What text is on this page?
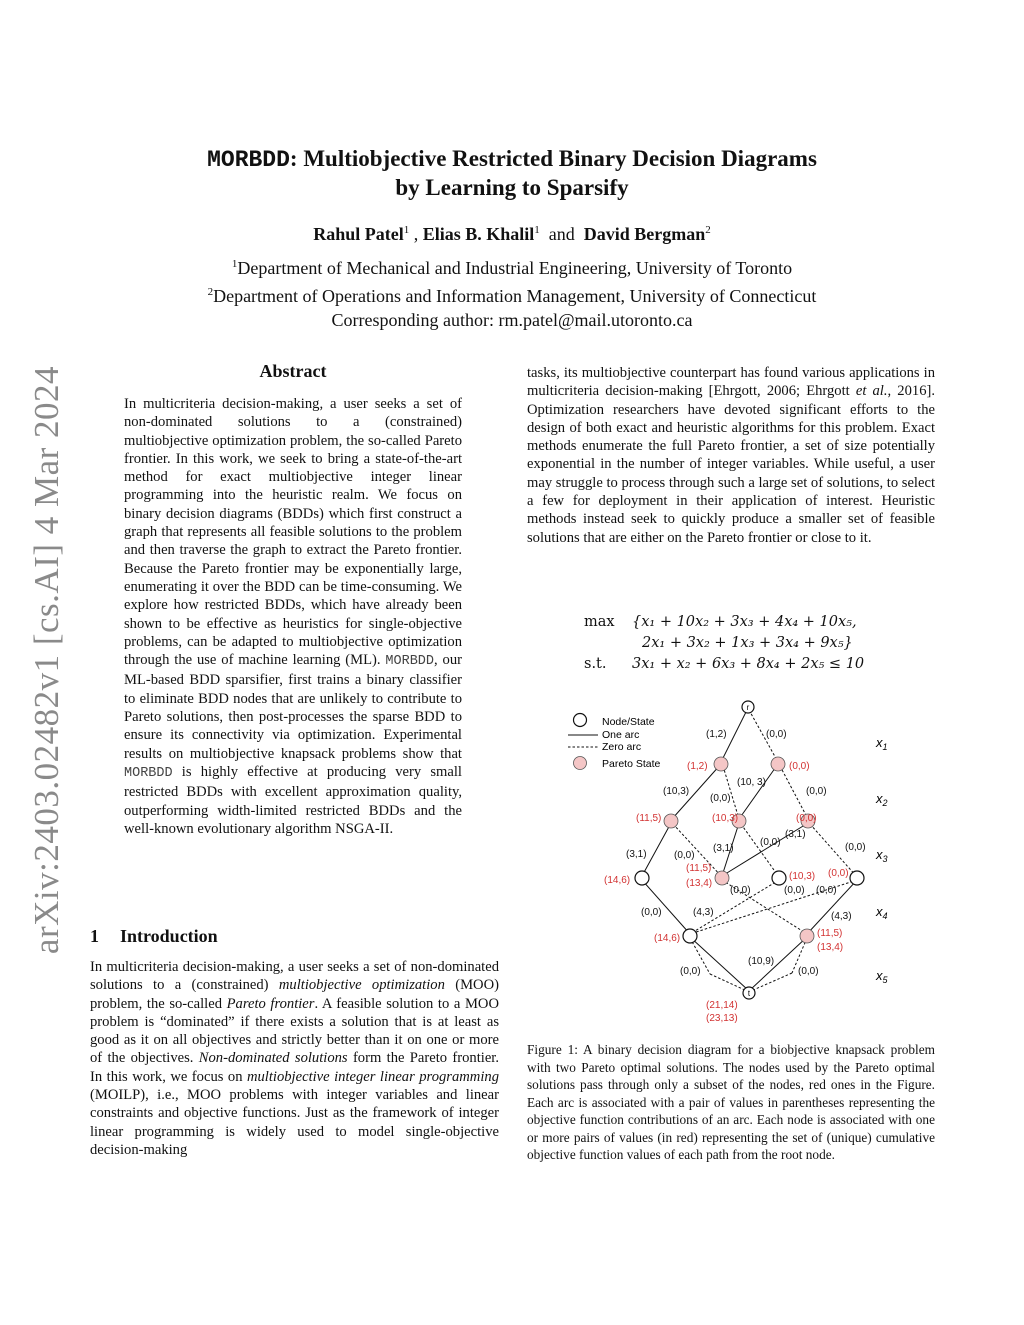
arXiv:2403.02482v1 [cs.AI] 4 Mar 2024
MORBDD: Multiobjective Restricted Binary Decision Diagrams
by Learning to Sparsify
Rahul Patel$^1$ , Elias B. Khalil$^1$  and  David Bergman$^2$
$^1$Department of Mechanical and Industrial Engineering, University of Toronto
$^2$Department of Operations and Information Management, University of Connecticut
Corresponding author: rm.patel@mail.utoronto.ca
Abstract

In multicriteria decision-making, a user seeks a set of non-dominated solutions to a (constrained) multiobjective optimization problem, the so-called Pareto frontier. In this work, we seek to bring a state-of-the-art method for exact multiobjective integer linear programming into the heuristic realm. We focus on binary decision diagrams (BDDs) which first construct a graph that represents all feasible solutions to the problem and then traverse the graph to extract the Pareto frontier. Because the Pareto frontier may be exponentially large, enumerating it over the BDD can be time-consuming. We explore how restricted BDDs, which have already been shown to be effective as heuristics for single-objective problems, can be adapted to multiobjective optimization through the use of machine learning (ML). MORBDD, our ML-based BDD sparsifier, first trains a binary classifier to eliminate BDD nodes that are unlikely to contribute to Pareto solutions, then post-processes the sparse BDD to ensure its connectivity via optimization. Experimental results on multiobjective knapsack problems show that MORBDD is highly effective at producing very small restricted BDDs with excellent approximation quality, outperforming width-limited restricted BDDs and the well-known evolutionary algorithm NSGA-II.

1 Introduction

In multicriteria decision-making, a user seeks a set of non-dominated solutions to a (constrained) multiobjective optimization (MOO) problem, the so-called Pareto frontier. A feasible solution to a MOO problem is “dominated” if there exists a solution that is at least as good as it on all objectives and strictly better than it on one or more of the objectives. Non-dominated solutions form the Pareto frontier. In this work, we focus on multiobjective integer linear programming (MOILP), i.e., MOO problems with integer variables and linear constraints and objective functions. Just as the framework of integer linear programming is widely used to model single-objective decision-making

tasks, its multiobjective counterpart has found various applications in multicriteria decision-making [Ehrgott, 2006; Ehrgott et al., 2016]. Optimization researchers have devoted significant efforts to the design of both exact and heuristic algorithms for this problem. Exact methods enumerate the full Pareto frontier, a set of size potentially exponential in the number of integer variables. While useful, a user may struggle to process through such a large set of solutions, to select a few for deployment in their application of interest. Heuristic methods instead seek to quickly produce a smaller set of feasible solutions that are either on the Pareto frontier or close to it.

max {x₁ + 10x₂ + 3x₃ + 4x₄ + 10x₅,
2x₁ + 3x₂ + 1x₃ + 3x₄ + 9x₅}
s.t. 3x₁ + x₂ + 6x₃ + 8x₄ + 2x₅ ≤ 10
Node/State
One arc
Zero arc
Pareto State
$x_1$
$x_2$
$x_3$
$x_4$
$x_5$
r
t
(1,2)	(0,0)
(10,3)
(0,0)
(10, 3)
(0,0)
(3,1)	(0,0)
(3,1)
(0,0)
(3,1)
(0,0)
(0,0)	(4,3)
(0,0)	(0,0)
(4,3)
(0,0)
(0,0)
(10,9)
(0,0)
(1,2)	(0,0)
(11,5)	(10,3)	(0,0)
(14,6)
(11,5)
(13,4)
(10,3) (0,0)
(14,6)	(11,5)
(13,4)
(21,14)
(23,13)

Figure 1: A binary decision diagram for a biobjective knapsack problem with two Pareto optimal solutions. The nodes used by the Pareto optimal solutions pass through only a subset of the nodes, red ones in the Figure. Each arc is associated with a pair of values in parentheses representing the objective function contributions of an arc. Each node is associated with one or more pairs of values (in red) representing the set of (unique) cumulative objective function values of each path from the root node.
